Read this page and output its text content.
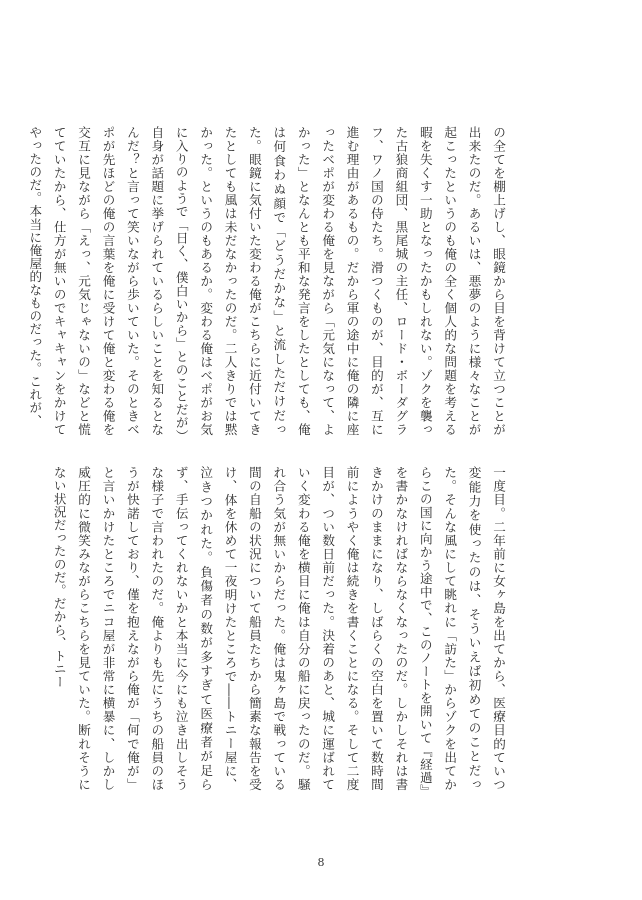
の全てを棚上げし、眼鏡から目を背けて立つことが出来たのだ。あるいは、悪夢のように様々なことが起こったというのも俺の全く個人的な問題を考える暇を失くす一助となったかもしれない。ゾクを襲った古狼商組団、黒尾城の主任、ロード・ボーダグラフ、ワノ国の侍たち。滑つくものが、目的が、互に進む理由があるもの。だから軍の途中に俺の隣に座ったベポが変わる俺を見ながら「元気になって、よかった」となんとも平和な発言をしたとしても、俺は何食わぬ顔で「どうだかな」と流しただけだった。眼鏡に気付いた変わる俺がこちらに近付いてきたとしても風は未だなかったのだ。二人きりでは黙かった。というのもあるか。変わる俺はベポがお気に入りのようで「日く、僕白いから」とのことだが）自身が話題に挙げられているらしいことを知るとなんだ？と言って笑いながら歩いていた。そのときベポが先ほどの俺の言葉を俺に受けて俺と変わる俺を交互に見ながら「えっ、元気じゃないの」などと慌てていたから、仕方が無いのでキャキャンをかけてやったのだ。本当に俺屋的なものだった。これが、
一度目。二年前に女ヶ島を出てから、医療目的ていつ変能力を使ったのは、そういえば初めてのことだった。そんな風にして眺れに「訪た」からゾクを出てからこの国に向かう途中で、このノートを開いて『経過』を書かなければならなくなったのだ。しかしそれは書きかけのままになり、しばらくの空白を置いて数時間前にようやく俺は続きを書くことになる。そして二度目が、つい数日前だった。決着のあと、城に運ばれていく変わる俺を横目に俺は自分の船に戻ったのだ。騒れ合う気が無いからだった。俺は鬼ヶ島で戦っている間の自船の状況について船員たちから簡素な報告を受け、体を休めて一夜明けたところで――トニー屋に、泣きつかれた。負傷者の数が多すぎて医療者が足らず、手伝ってくれないかと本当に今にも泣き出しそうな様子で言われたのだ。俺よりも先にうちの船員のほうが快諾しており、僅を抱えながら俺が「何で俺が」と言いかけたところでニコ屋が非常に横暴に、しかし威圧的に微笑みながらこちらを見ていた。断れそうにない状況だったのだ。だから、トニー
8
